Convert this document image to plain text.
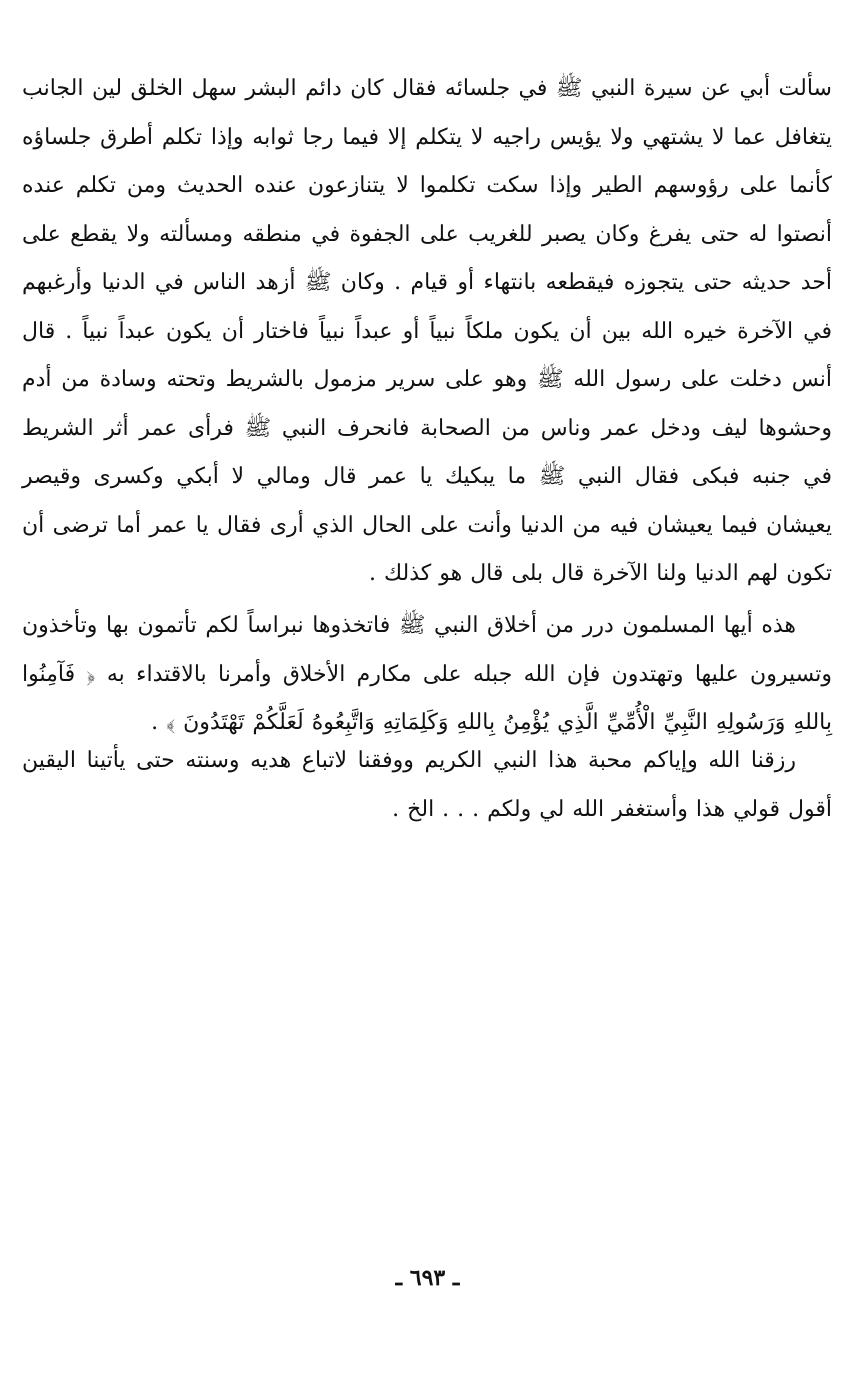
سألت أبي عن سيرة النبي ﷺ في جلسائه فقال كان دائم البشر سهل الخلق لين الجانب يتغافل عما لا يشتهي ولا يؤيس راجيه لا يتكلم إلا فيما رجا ثوابه وإذا تكلم أطرق جلساؤه كأنما على رؤوسهم الطير وإذا سكت تكلموا لا يتنازعون عنده الحديث ومن تكلم عنده أنصتوا له حتى يفرغ وكان يصبر للغريب على الجفوة في منطقه ومسألته ولا يقطع على أحد حديثه حتى يتجوزه فيقطعه بانتهاء أو قيام . وكان ﷺ أزهد الناس في الدنيا وأرغبهم في الآخرة خيره الله بين أن يكون ملكاً نبياً أو عبداً نبياً فاختار أن يكون عبداً نبياً . قال أنس دخلت على رسول الله ﷺ وهو على سرير مزمول بالشريط وتحته وسادة من أدم وحشوها ليف ودخل عمر وناس من الصحابة فانحرف النبي ﷺ فرأى عمر أثر الشريط في جنبه فبكى فقال النبي ﷺ ما يبكيك يا عمر قال ومالي لا أبكي وكسرى وقيصر يعيشان فيما يعيشان فيه من الدنيا وأنت على الحال الذي أرى فقال يا عمر أما ترضى أن تكون لهم الدنيا ولنا الآخرة قال بلى قال هو كذلك .

هذه أيها المسلمون درر من أخلاق النبي ﷺ فاتخذوها نبراساً لكم تأتمون بها وتأخذون وتسيرون عليها وتهتدون فإن الله جبله على مكارم الأخلاق وأمرنا بالاقتداء به ﴿ فَآمِنُوا بِاللهِ وَرَسُولِهِ النَّبِيِّ الْأُمِّيِّ الَّذِي يُؤْمِنُ بِاللهِ وَكَلِمَاتِهِ وَاتَّبِعُوهُ لَعَلَّكُمْ تَهْتَدُونَ ﴾ .

رزقنا الله وإياكم محبة هذا النبي الكريم ووفقنا لاتباع هديه وسنته حتى يأتينا اليقين أقول قولي هذا وأستغفر الله لي ولكم . . . الخ .

ـ ٦٩٣ ـ
